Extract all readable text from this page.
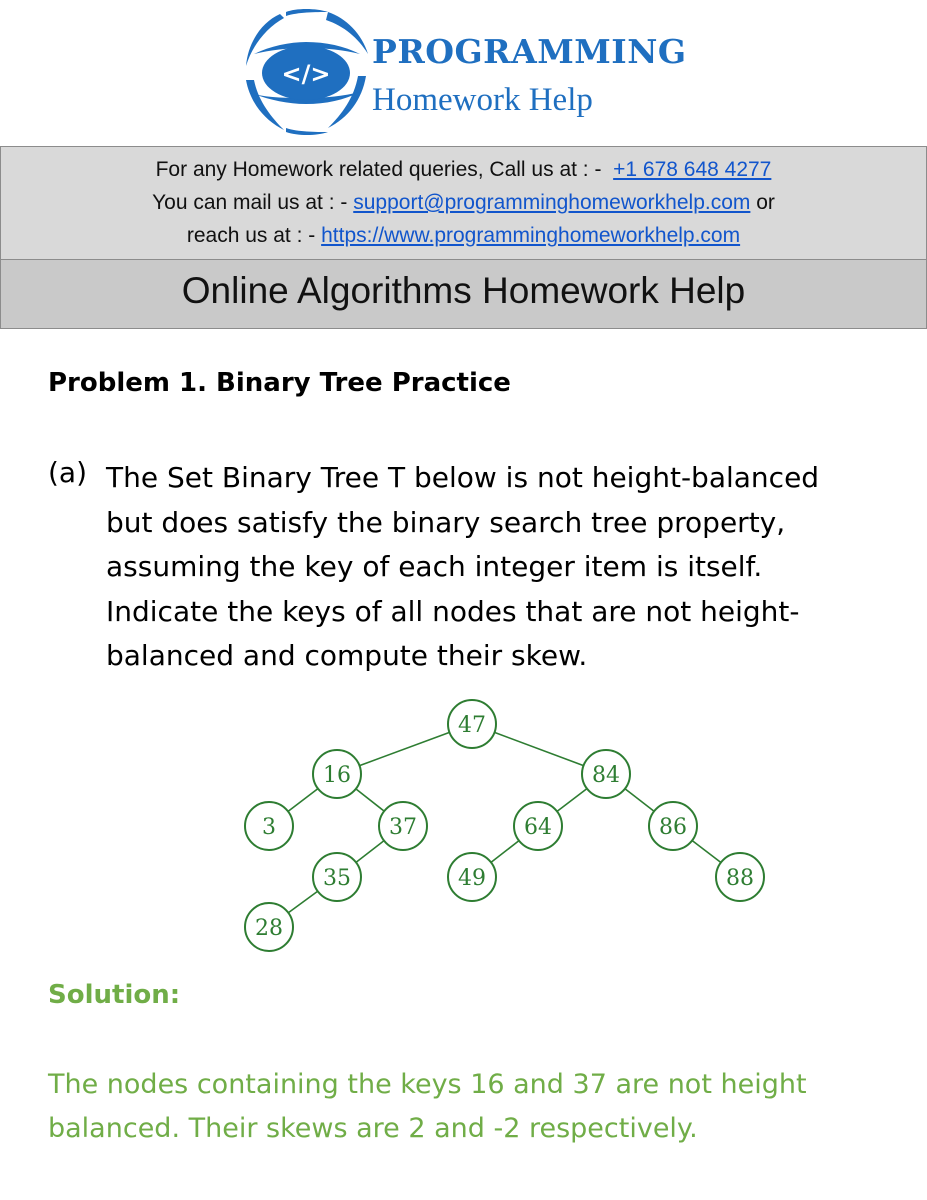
</>
PROGRAMMING
Homework Help
For any Homework related queries, Call us at : - +1 678 648 4277
You can mail us at : - support@programminghomeworkhelp.com or
reach us at : - https://www.programminghomeworkhelp.com
Online Algorithms Homework Help
Problem 1. Binary Tree Practice
(a) The Set Binary Tree T below is not height-balanced
but does satisfy the binary search tree property,
assuming the key of each integer item is itself.
Indicate the keys of all nodes that are not height-
balanced and compute their skew.
47
16	84
3	37	64	86
35	49	88
28
Solution:
The nodes containing the keys 16 and 37 are not height
balanced. Their skews are 2 and -2 respectively.
